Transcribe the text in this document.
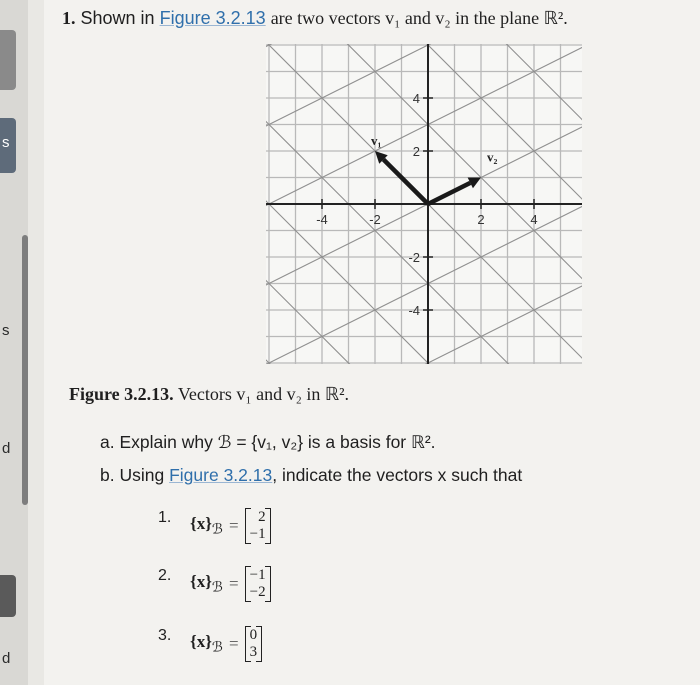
s
s
d
d
1. Shown in Figure 3.2.13 are two vectors v₁ and v₂ in the plane ℝ².
-4	-2	2	4
4
2
-2
-4
v₁
v₂
Figure 3.2.13. Vectors v₁ and v₂ in ℝ².
a. Explain why ℬ = {v₁, v₂} is a basis for ℝ².
b. Using Figure 3.2.13, indicate the vectors x such that
1.	$\{x\}_ℬ = 2$
−1
2.	$\{x\}_ℬ = -1$
−2
3.	$\{x\}_ℬ = 0$
3
